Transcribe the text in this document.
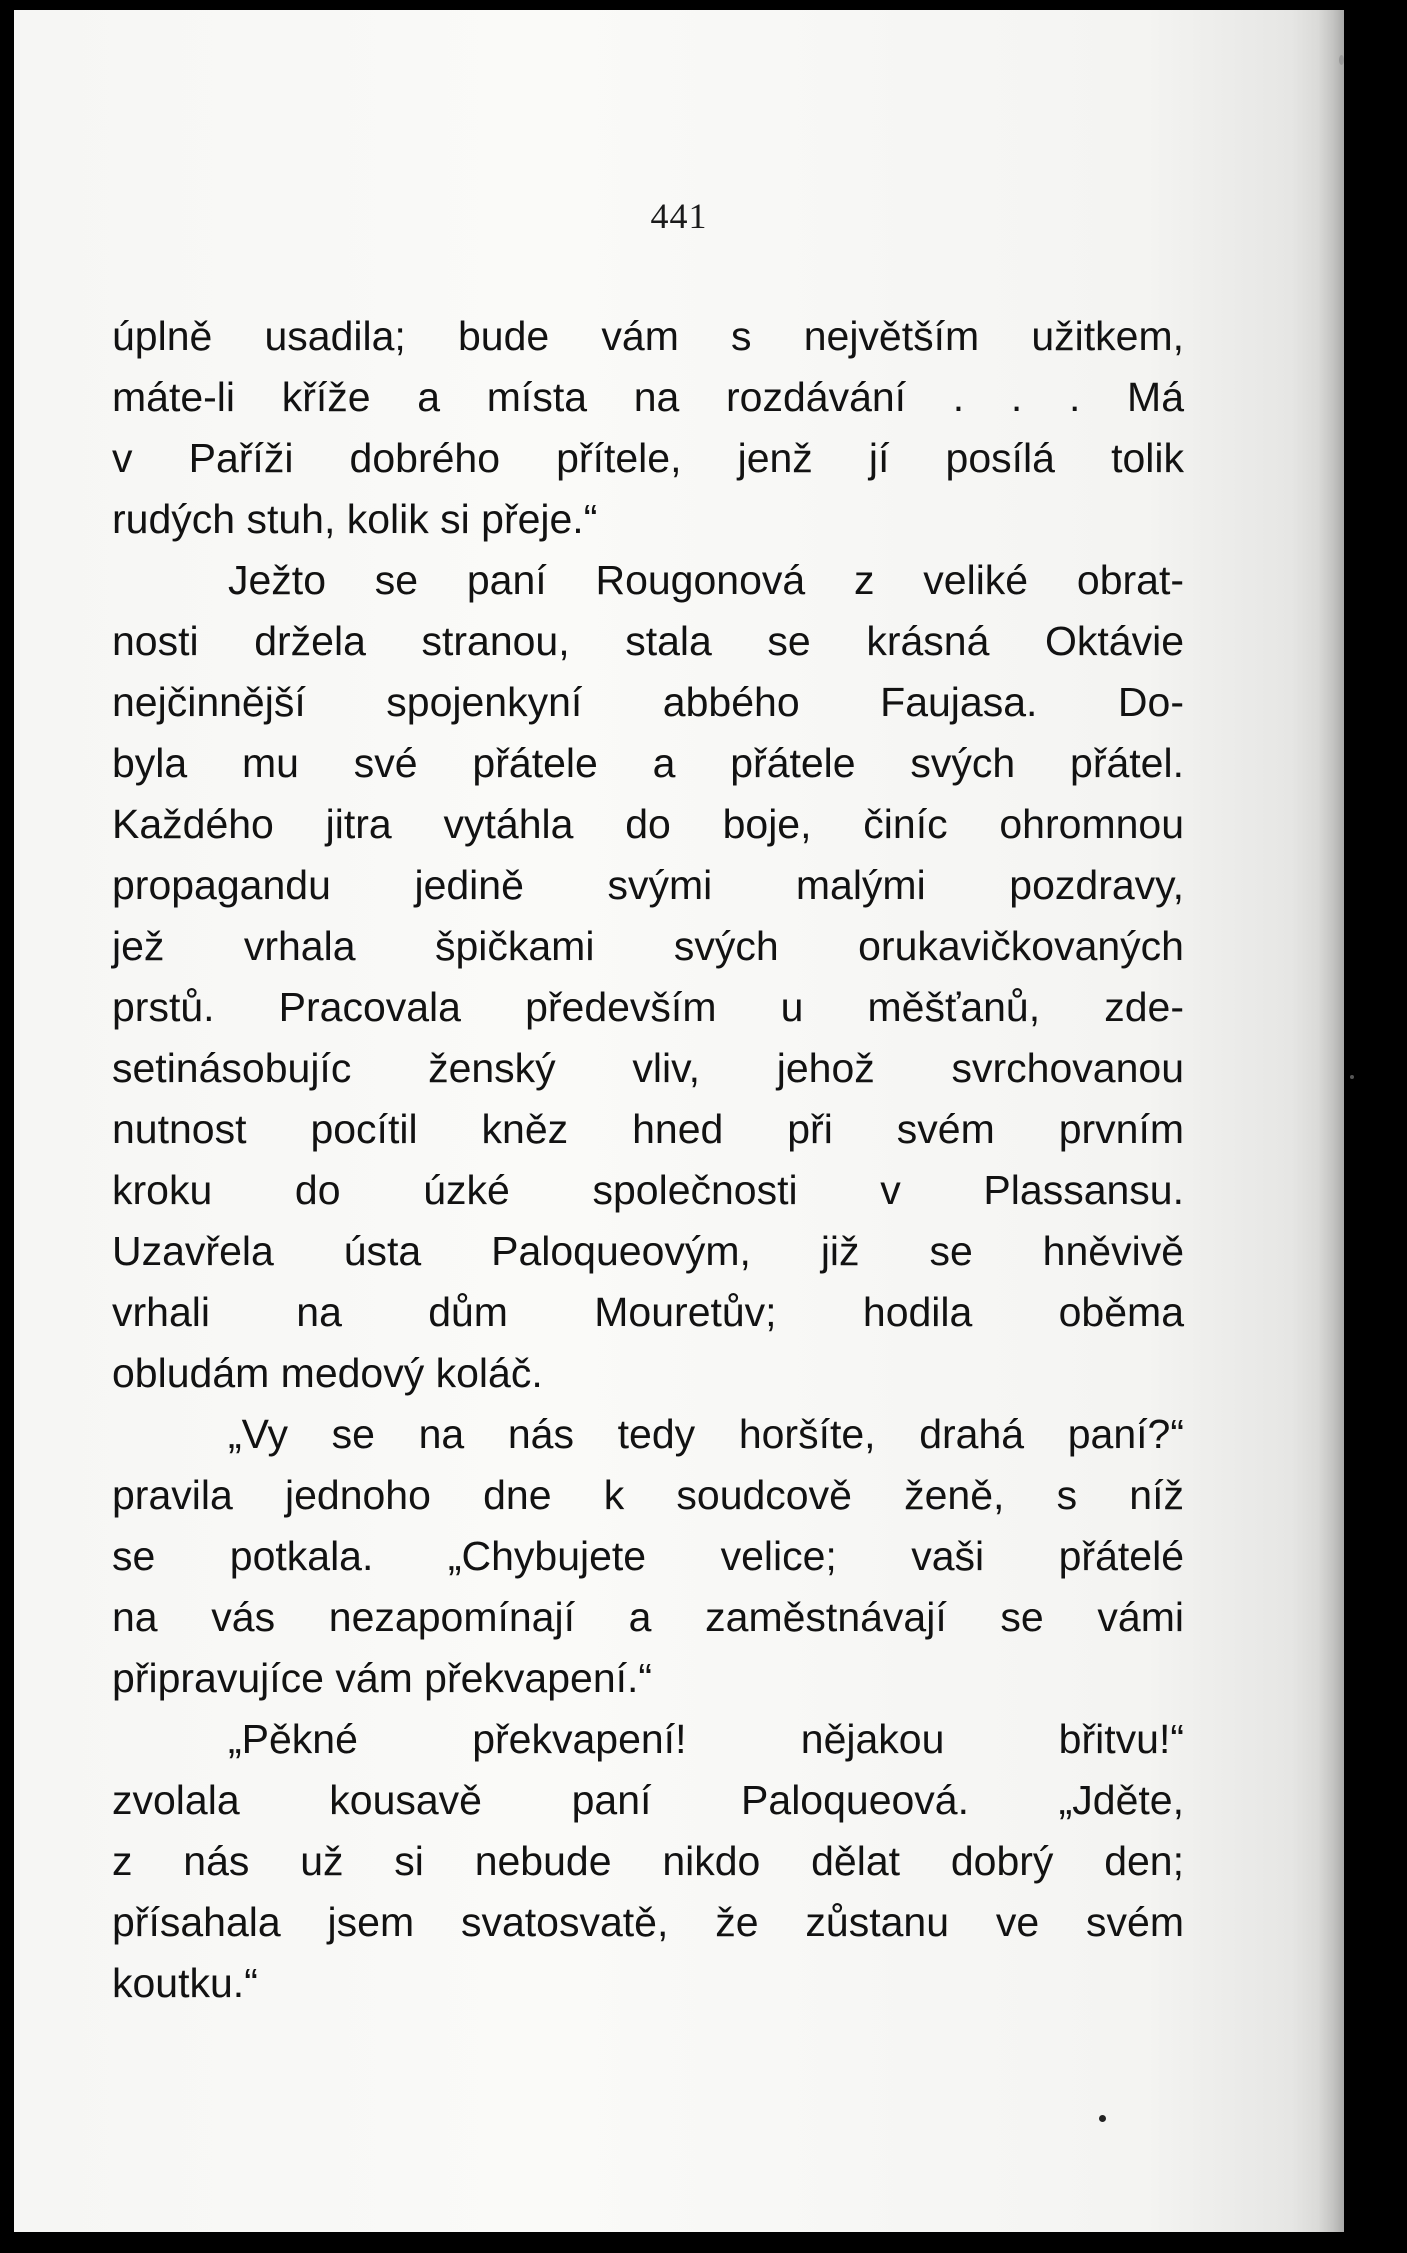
441
úplně usadila; bude vám s největším užitkem,
máte-li kříže a místa na rozdávání . . . Má
v Paříži dobrého přítele, jenž jí posílá tolik
rudých stuh, kolik si přeje.“
Ježto se paní Rougonová z veliké obrat-
nosti držela stranou, stala se krásná Oktávie
nejčinnější spojenkyní abbého Faujasa. Do-
byla mu své přátele a přátele svých přátel.
Každého jitra vytáhla do boje, činíc ohromnou
propagandu jedině svými malými pozdravy,
jež vrhala špičkami svých orukavičkovaných
prstů. Pracovala především u měšťanů, zde-
setinásobujíc ženský vliv, jehož svrchovanou
nutnost pocítil kněz hned při svém prvním
kroku do úzké společnosti v Plassansu.
Uzavřela ústa Paloqueovým, již se hněvivě
vrhali na dům Mouretův; hodila oběma
obludám medový koláč.
„Vy se na nás tedy horšíte, drahá paní?“
pravila jednoho dne k soudcově ženě, s níž
se potkala. „Chybujete velice; vaši přátelé
na vás nezapomínají a zaměstnávají se vámi
připravujíce vám překvapení.“
„Pěkné překvapení! nějakou břitvu!“
zvolala kousavě paní Paloqueová. „Jděte,
z nás už si nebude nikdo dělat dobrý den;
přísahala jsem svatosvatě, že zůstanu ve svém
koutku.“
